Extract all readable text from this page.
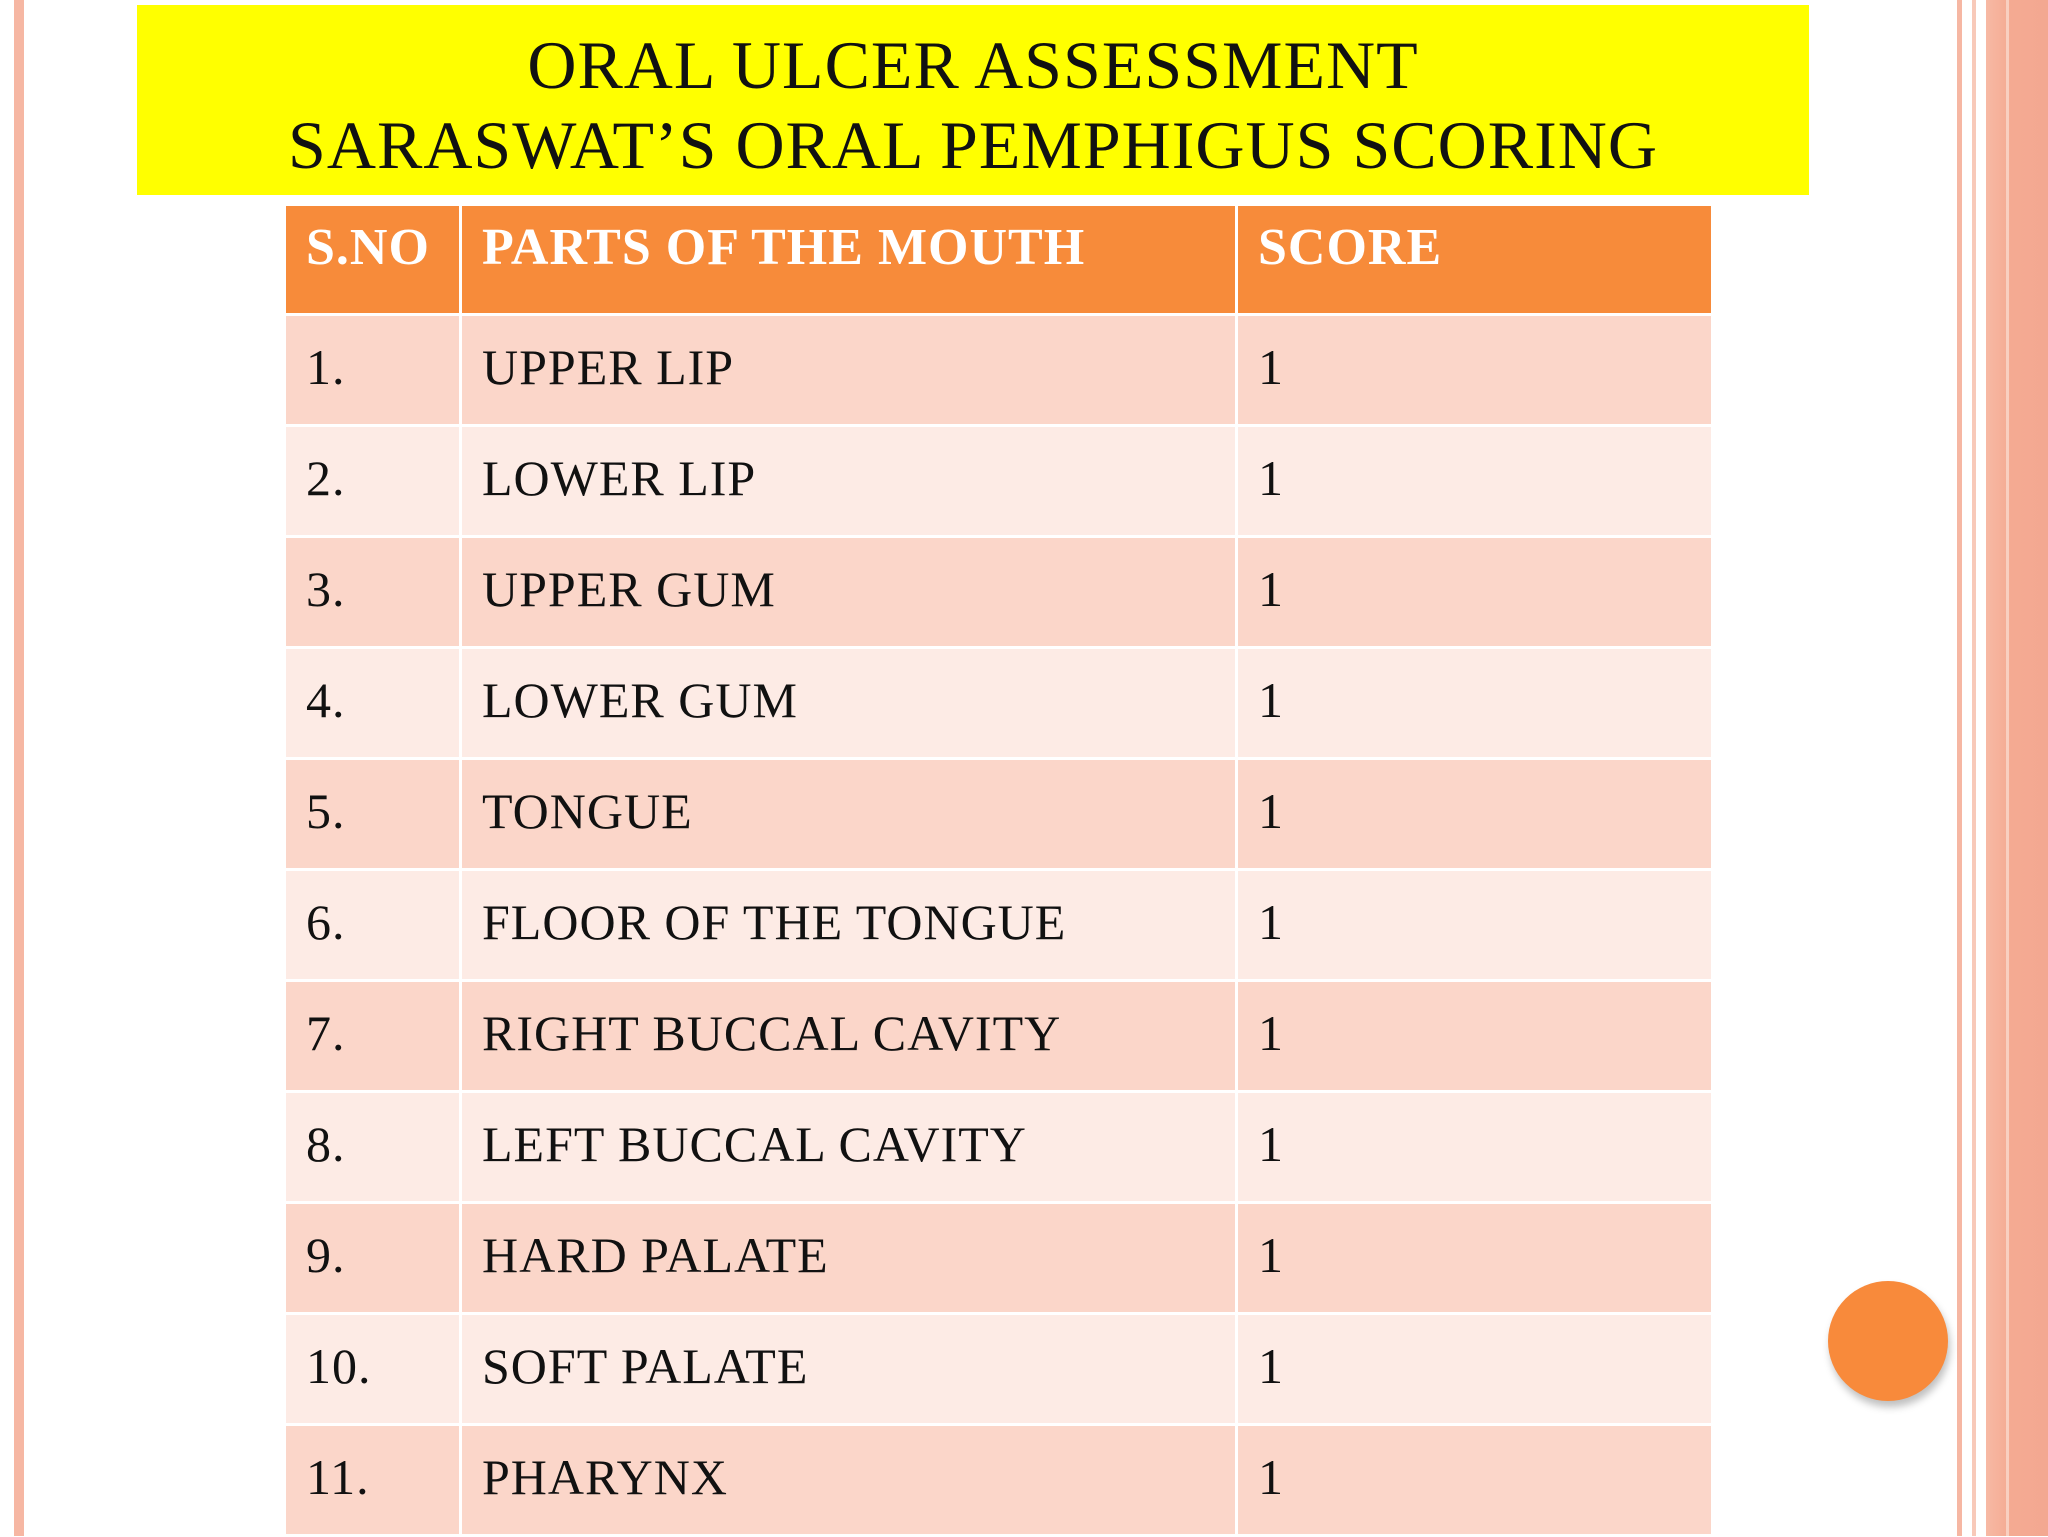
ORAL ULCER ASSESSMENT
SARASWAT’S ORAL PEMPHIGUS SCORING
S.NO	PARTS OF THE MOUTH	SCORE
1.	UPPER LIP	1
2.	LOWER LIP	1
3.	UPPER GUM	1
4.	LOWER GUM	1
5.	TONGUE	1
6.	FLOOR OF THE TONGUE	1
7.	RIGHT BUCCAL CAVITY	1
8.	LEFT BUCCAL CAVITY	1
9.	HARD PALATE	1
10.	SOFT PALATE	1
11.	PHARYNX	1
